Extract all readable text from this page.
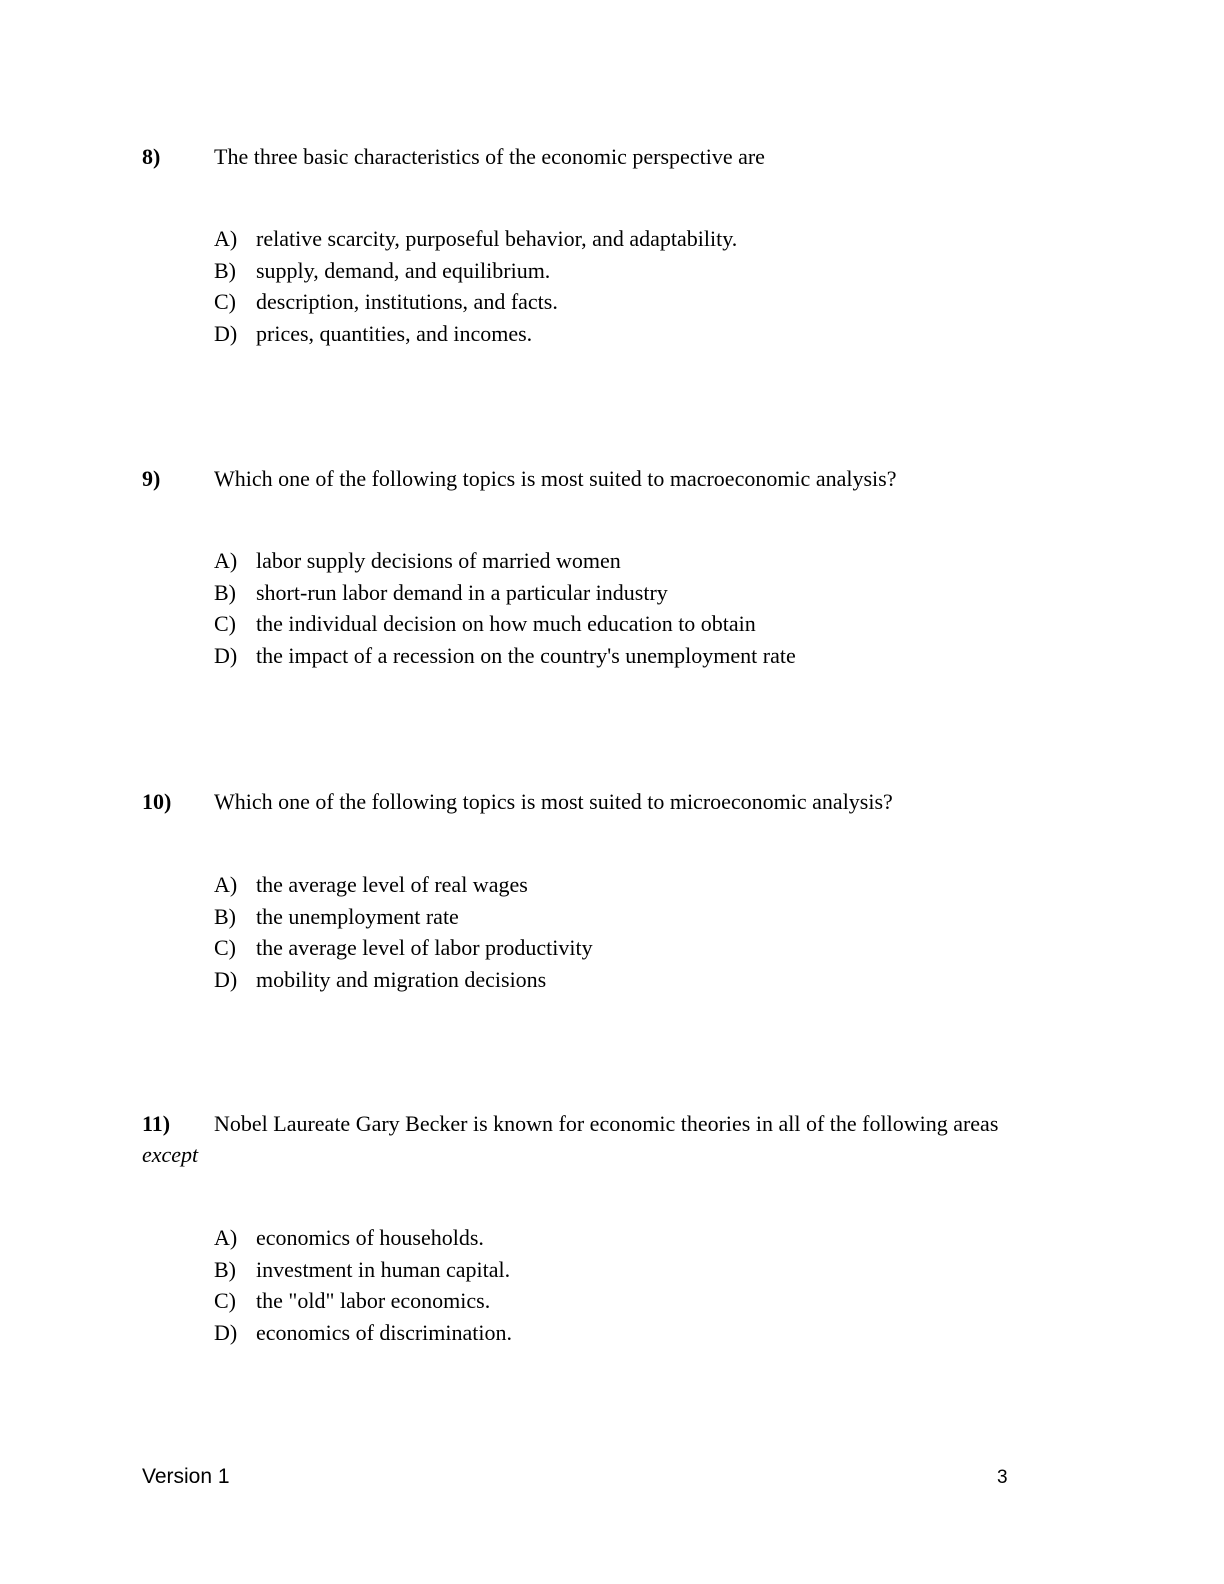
8) The three basic characteristics of the economic perspective are

A) relative scarcity, purposeful behavior, and adaptability.
B) supply, demand, and equilibrium.
C) description, institutions, and facts.
D) prices, quantities, and incomes.

9) Which one of the following topics is most suited to macroeconomic analysis?

A) labor supply decisions of married women
B) short-run labor demand in a particular industry
C) the individual decision on how much education to obtain
D) the impact of a recession on the country's unemployment rate

10) Which one of the following topics is most suited to microeconomic analysis?

A) the average level of real wages
B) the unemployment rate
C) the average level of labor productivity
D) mobility and migration decisions

11) Nobel Laureate Gary Becker is known for economic theories in all of the following areas
except

A) economics of households.
B) investment in human capital.
C) the "old" labor economics.
D) economics of discrimination.
Version 1	3
